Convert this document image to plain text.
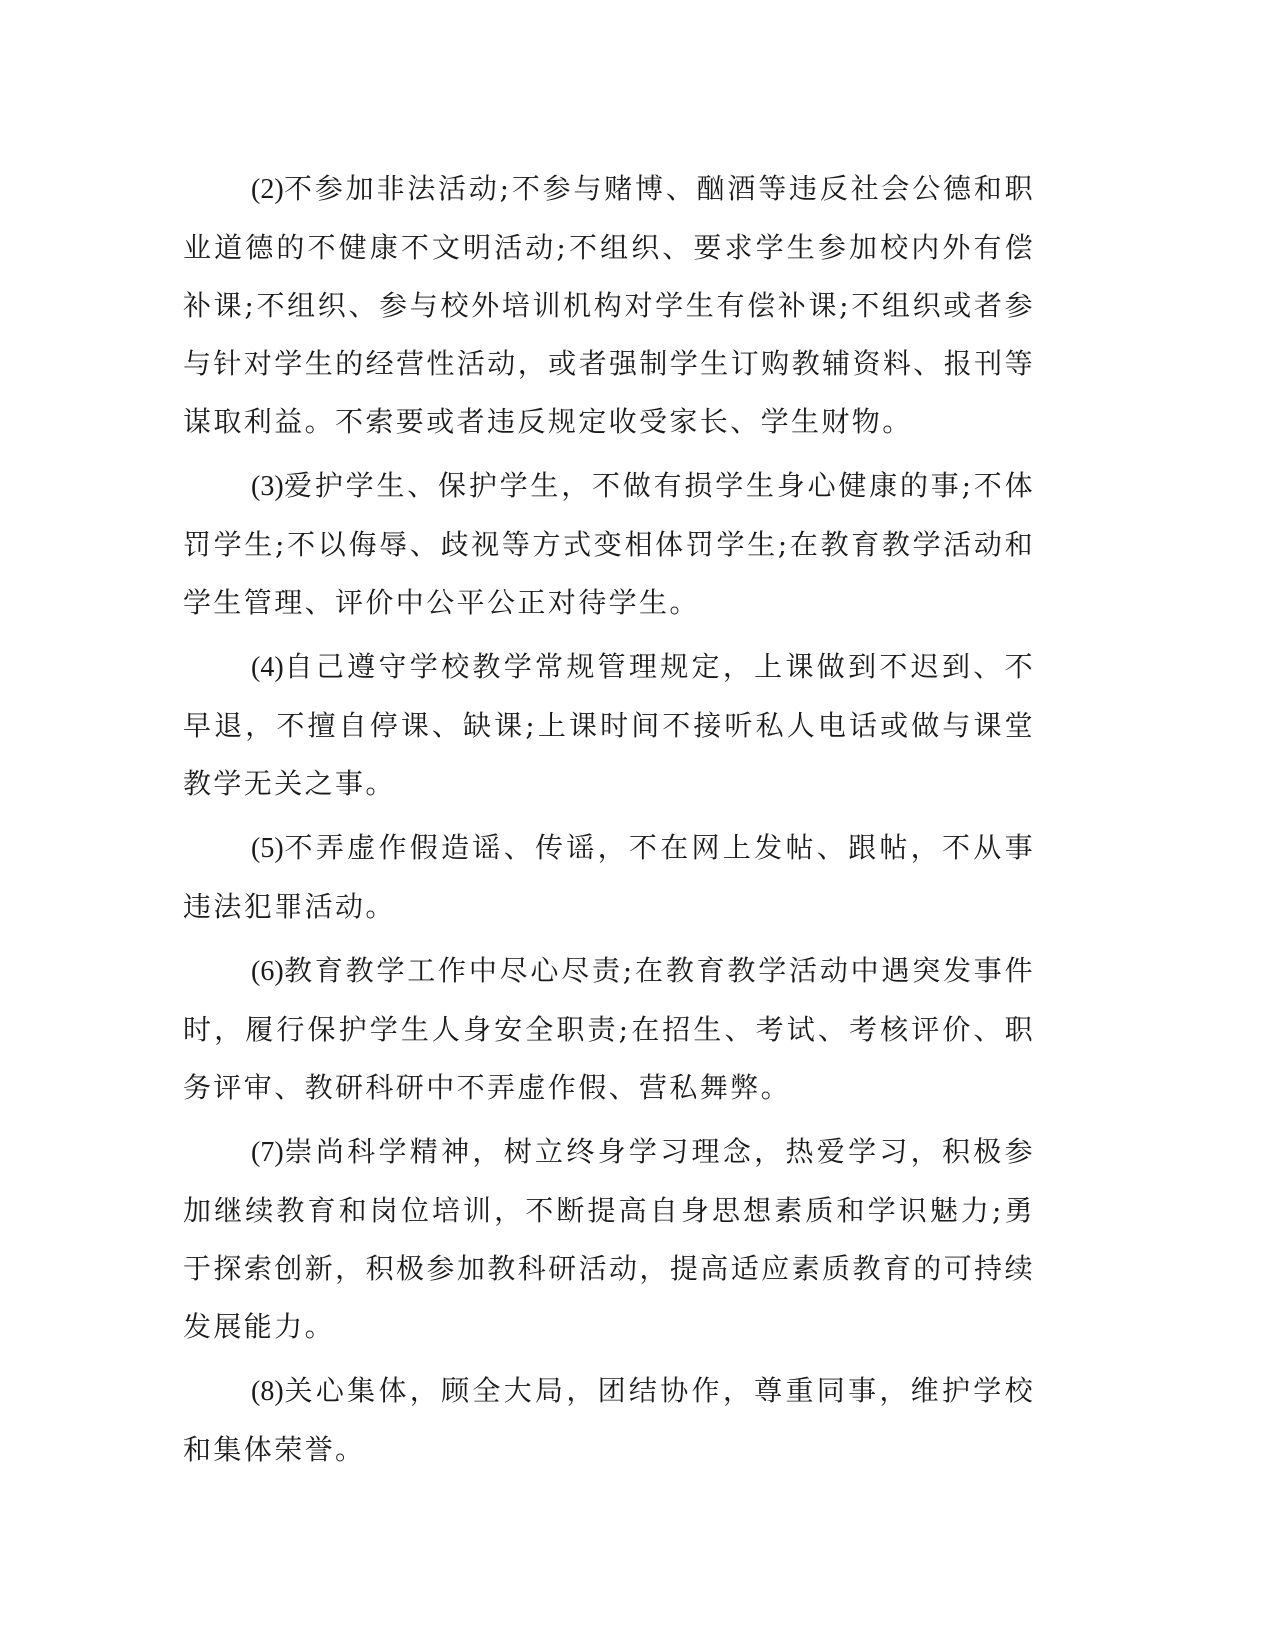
(2)不参加非法活动;不参与赌博、酗酒等违反社会公德和职业道德的不健康不文明活动;不组织、要求学生参加校内外有偿补课;不组织、参与校外培训机构对学生有偿补课;不组织或者参与针对学生的经营性活动，或者强制学生订购教辅资料、报刊等谋取利益。不索要或者违反规定收受家长、学生财物。

(3)爱护学生、保护学生，不做有损学生身心健康的事;不体罚学生;不以侮辱、歧视等方式变相体罚学生;在教育教学活动和学生管理、评价中公平公正对待学生。

(4)自己遵守学校教学常规管理规定，上课做到不迟到、不早退，不擅自停课、缺课;上课时间不接听私人电话或做与课堂教学无关之事。

(5)不弄虚作假造谣、传谣，不在网上发帖、跟帖，不从事违法犯罪活动。

(6)教育教学工作中尽心尽责;在教育教学活动中遇突发事件时，履行保护学生人身安全职责;在招生、考试、考核评价、职务评审、教研科研中不弄虚作假、营私舞弊。

(7)崇尚科学精神，树立终身学习理念，热爱学习，积极参加继续教育和岗位培训，不断提高自身思想素质和学识魅力;勇于探索创新，积极参加教科研活动，提高适应素质教育的可持续发展能力。

(8)关心集体，顾全大局，团结协作，尊重同事，维护学校和集体荣誉。
